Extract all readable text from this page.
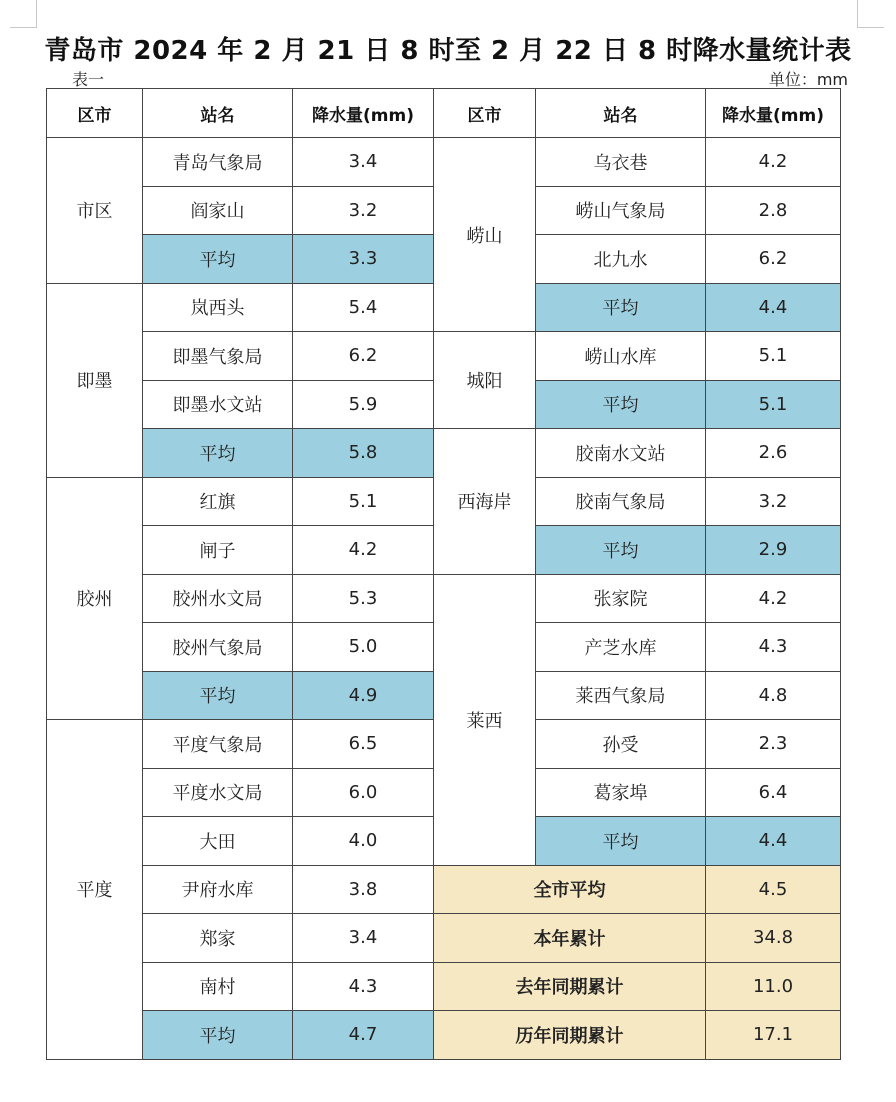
青岛市 2024 年 2 月 21 日 8 时至 2 月 22 日 8 时降水量统计表
表一	单位：mm
区市	站名	降水量(mm)	区市	站名	降水量(mm)
市区	青岛气象局	3.4	崂山	乌衣巷	4.2
	阎家山	3.2		崂山气象局	2.8
	平均	3.3		北九水	6.2
即墨	岚西头	5.4		平均	4.4
	即墨气象局	6.2	城阳	崂山水库	5.1
	即墨水文站	5.9		平均	5.1
	平均	5.8	西海岸	胶南水文站	2.6
胶州	红旗	5.1		胶南气象局	3.2
	闸子	4.2		平均	2.9
	胶州水文局	5.3	莱西	张家院	4.2
	胶州气象局	5.0		产芝水库	4.3
	平均	4.9		莱西气象局	4.8
平度	平度气象局	6.5		孙受	2.3
	平度水文局	6.0		葛家埠	6.4
	大田	4.0		平均	4.4
	尹府水库	3.8	全市平均		4.5
	郑家	3.4	本年累计		34.8
	南村	4.3	去年同期累计		11.0
	平均	4.7	历年同期累计		17.1
